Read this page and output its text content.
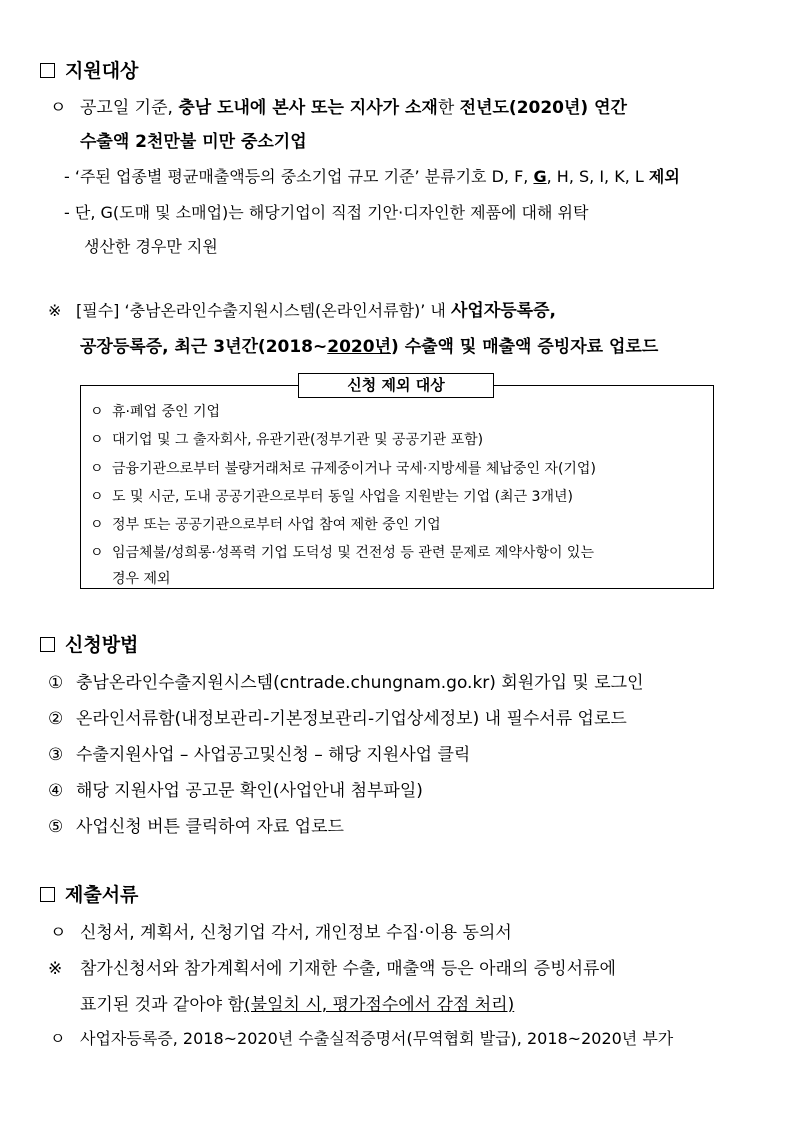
지원대상
ㅇ 공고일 기준, 충남 도내에 본사 또는 지사가 소재한 전년도(2020년) 연간
수출액 2천만불 미만 중소기업
- ‘주된 업종별 평균매출액등의 중소기업 규모 기준’ 분류기호 D, F, G, H, S, I, K, L 제외
- 단, G(도매 및 소매업)는 해당기업이 직접 기안·디자인한 제품에 대해 위탁
생산한 경우만 지원
※ [필수] ‘충남온라인수출지원시스템(온라인서류함)’ 내 사업자등록증,
공장등록증, 최근 3년간(2018~2020년) 수출액 및 매출액 증빙자료 업로드
신청 제외 대상
ㅇ 휴·폐업 중인 기업
ㅇ 대기업 및 그 출자회사, 유관기관(정부기관 및 공공기관 포함)
ㅇ 금융기관으로부터 불량거래처로 규제중이거나 국세·지방세를 체납중인 자(기업)
ㅇ 도 및 시군, 도내 공공기관으로부터 동일 사업을 지원받는 기업 (최근 3개년)
ㅇ 정부 또는 공공기관으로부터 사업 참여 제한 중인 기업
ㅇ 임금체불/성희롱·성폭력 기업 도덕성 및 건전성 등 관련 문제로 제약사항이 있는
경우 제외
신청방법
① 충남온라인수출지원시스템(cntrade.chungnam.go.kr) 회원가입 및 로그인
② 온라인서류함(내정보관리-기본정보관리-기업상세정보) 내 필수서류 업로드
③ 수출지원사업 – 사업공고및신청 – 해당 지원사업 클릭
④ 해당 지원사업 공고문 확인(사업안내 첨부파일)
⑤ 사업신청 버튼 클릭하여 자료 업로드
제출서류
ㅇ 신청서, 계획서, 신청기업 각서, 개인정보 수집·이용 동의서
※ 참가신청서와 참가계획서에 기재한 수출, 매출액 등은 아래의 증빙서류에
표기된 것과 같아야 함(불일치 시, 평가점수에서 감점 처리)
ㅇ 사업자등록증, 2018~2020년 수출실적증명서(무역협회 발급), 2018~2020년 부가
